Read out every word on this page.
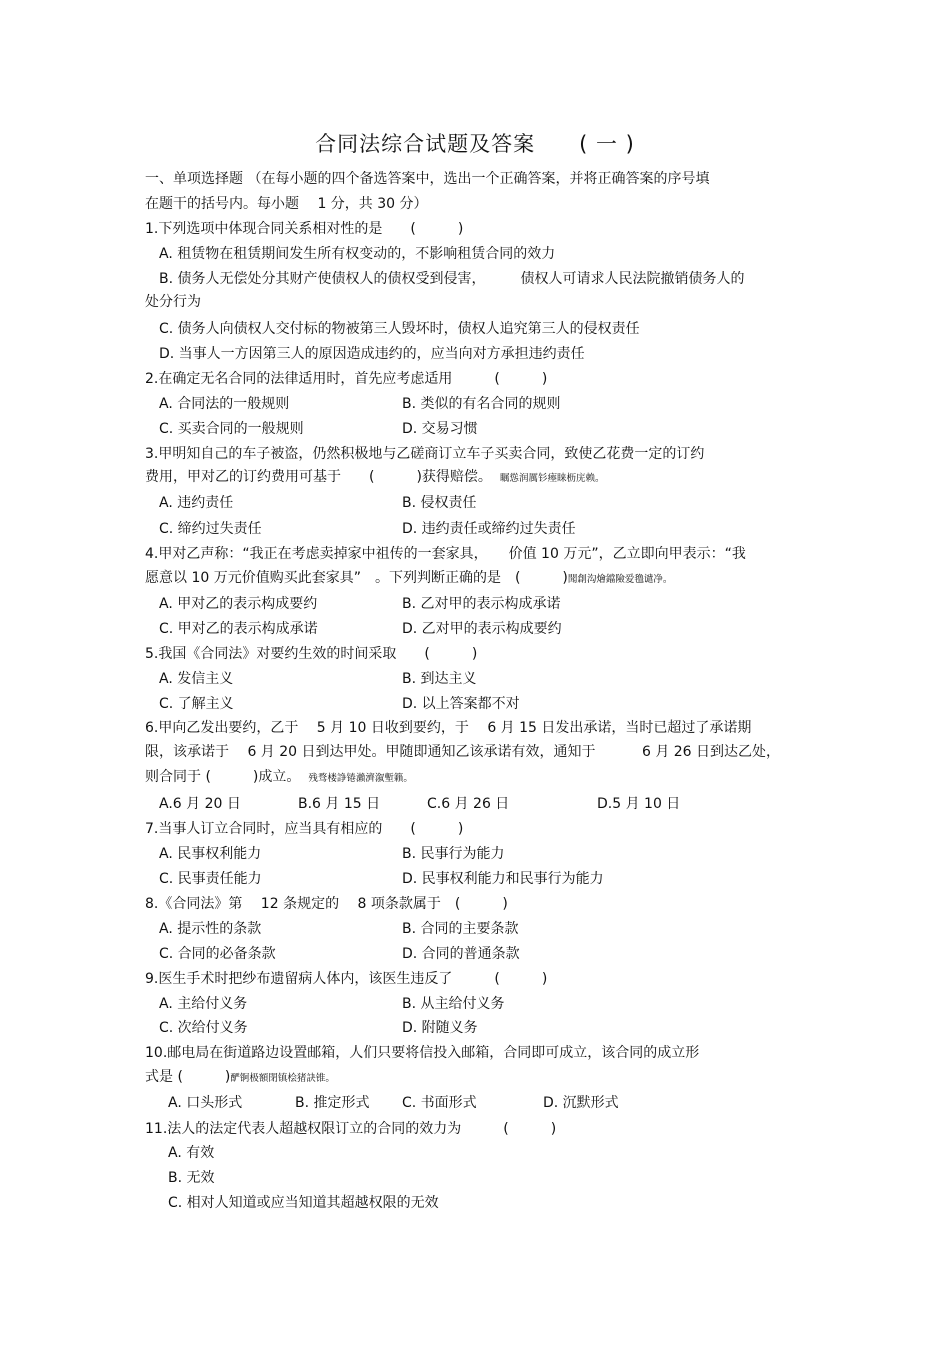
合同法综合试题及答案　　( 一 )
一、单项选择题 （在每小题的四个备选答案中，选出一个正确答案，并将正确答案的序号填
在题干的括号内。每小题　 1 分，共 30 分）
1.下列选项中体现合同关系相对性的是　　(　　　)
A. 租赁物在租赁期间发生所有权变动的，不影响租赁合同的效力
B. 债务人无偿处分其财产使债权人的债权受到侵害，　　　债权人可请求人民法院撤销债务人的
处分行为
C. 债务人向债权人交付标的物被第三人毁坏时，债权人追究第三人的侵权责任
D. 当事人一方因第三人的原因造成违约的，应当向对方承担违约责任
2.在确定无名合同的法律适用时，首先应考虑适用　　　(　　　)
A. 合同法的一般规则	B. 类似的有名合同的规则
C. 买卖合同的一般规则	D. 交易习惯
3.甲明知自己的车子被盗，仍然积极地与乙磋商订立车子买卖合同，致使乙花费一定的订约
费用，甲对乙的订约费用可基于　　(　　　)获得赔偿。 瞩慫润厲钐瘞睐枥庑赖。
A. 违约责任	B. 侵权责任
C. 缔约过失责任	D. 违约责任或缔约过失责任
4.甲对乙声称：“我正在考虑卖掉家中祖传的一套家具，　　价值 10 万元”，乙立即向甲表示：“我
愿意以 10 万元价值购买此套家具”　。下列判断正确的是　(　　　)聞創沟燴鐺險爱氇谴净。
A. 甲对乙的表示构成要约	B. 乙对甲的表示构成承诺
C. 甲对乙的表示构成承诺	D. 乙对甲的表示构成要约
5.我国《合同法》对要约生效的时间采取　　(　　　)
A. 发信主义	B. 到达主义
C. 了解主义	D. 以上答案都不对
6.甲向乙发出要约，乙于　 5 月 10 日收到要约，于　 6 月 15 日发出承诺，当时已超过了承诺期
限，该承诺于　 6 月 20 日到达甲处。甲随即通知乙该承诺有效，通知于　　　 6 月 26 日到达乙处，
则合同于 (　　　)成立。 残骛楼諍锩瀨濟溆塹籟。
A.6 月 20 日	B.6 月 15 日	C.6 月 26 日	D.5 月 10 日
7.当事人订立合同时，应当具有相应的　　(　　　)
A. 民事权利能力	B. 民事行为能力
C. 民事责任能力	D. 民事权利能力和民事行为能力
8.《合同法》第　 12 条规定的　 8 项条款属于　(　　　)
A. 提示性的条款	B. 合同的主要条款
C. 合同的必备条款	D. 合同的普通条款
9.医生手术时把纱布遗留病人体内，该医生违反了　　　(　　　)
A. 主给付义务	B. 从主给付义务
C. 次给付义务	D. 附随义务
10.邮电局在街道路边设置邮箱，人们只要将信投入邮箱，合同即可成立，该合同的成立形
式是 (　　　)酽锕极額閉镇桧猪訣锥。
A. 口头形式	B. 推定形式 C. 书面形式	D. 沉默形式
11.法人的法定代表人超越权限订立的合同的效力为　　　(　　　)
A. 有效
B. 无效
C. 相对人知道或应当知道其超越权限的无效
